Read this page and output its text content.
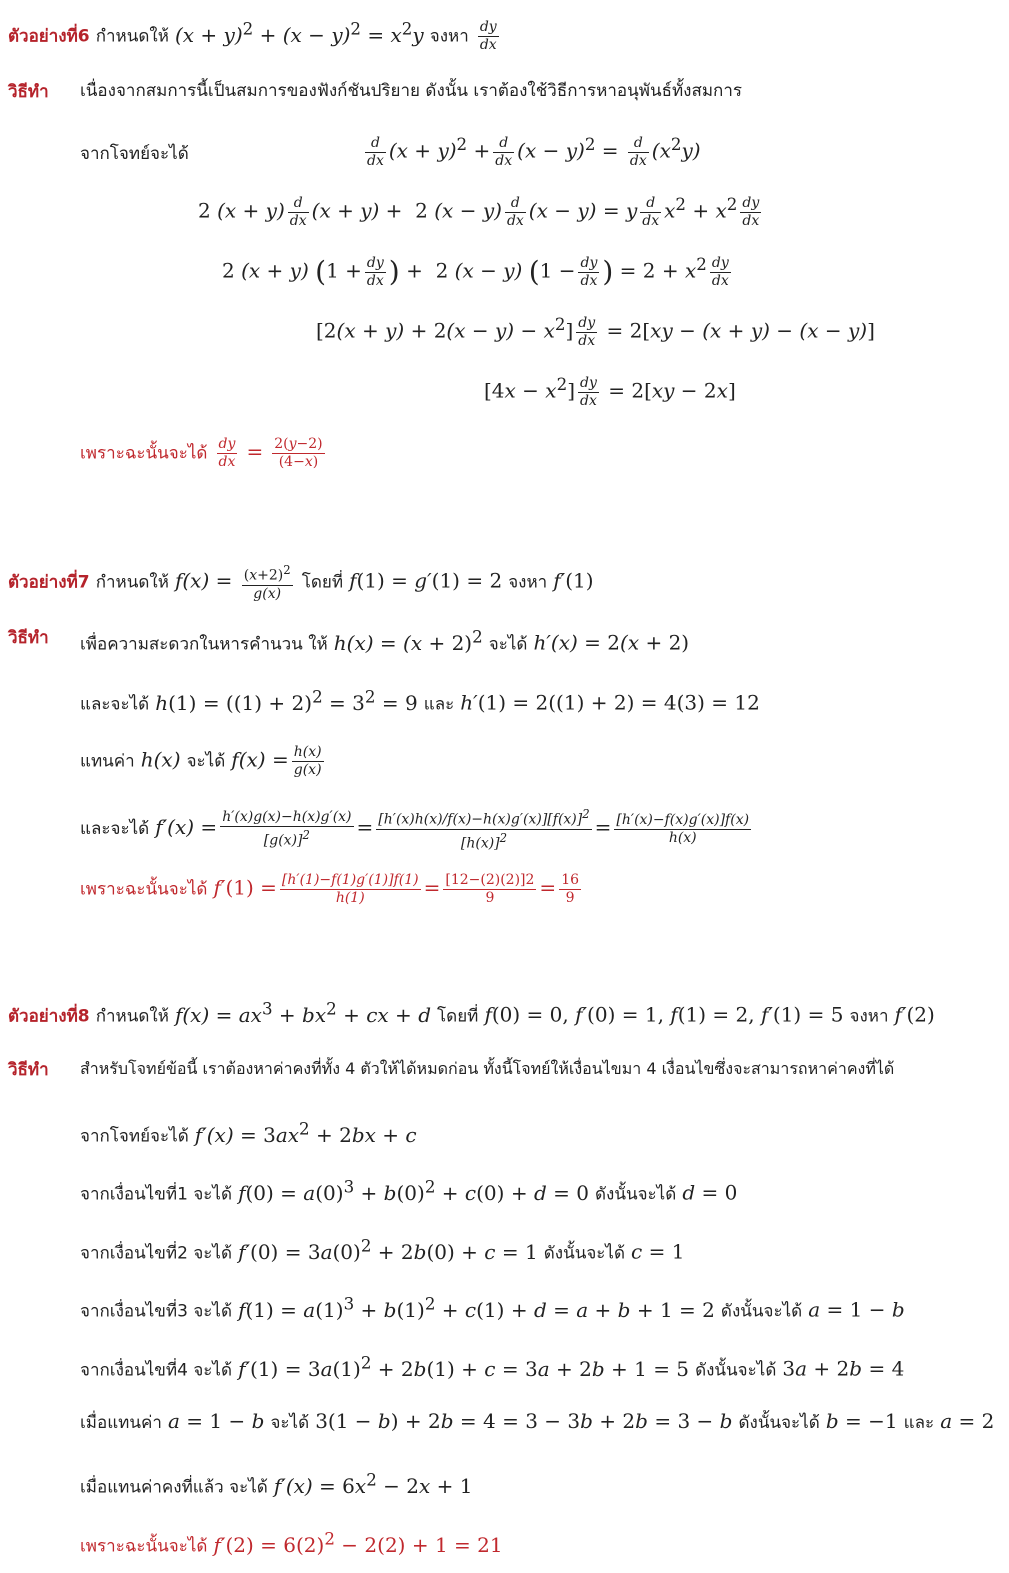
ตัวอย่างที่6 กำหนดให้ $(x + y)^2 + (x - y)^2 = x^2y$ จงหา $\frac{dy}{dx}$
วิธีทำ เนื่องจากสมการนี้เป็นสมการของฟังก์ชันปริยาย ดังนั้น เราต้องใช้วิธีการหาอนุพันธ์ทั้งสมการ
จากโจทย์จะได้	$\frac{d}{dx} (x + y)^2 + \frac{d}{dx} (x - y)^2 = \frac{d}{dx} (x^2y)$
2 $(x + y) \frac{d}{dx} (x + y) + 2$ $(x - y) \frac{d}{dx} (x - y) = y \frac{d}{dx} x^2 + x^2 \frac{dy}{dx}$
2 (x + y) ($1 + \frac{dy}{dx}$ ) +  2 (x − y) ($1 - \frac{dy}{dx}$ ) = $2 + x^2 \frac{dy}{dx}$
$[2(x + y) + 2(x - y) - x^2] \frac{dy}{dx} = 2[xy - (x + y) - (x - y)]$
$[4x - x^2] \frac{dy}{dx} = 2[xy - 2x]$
เพราะฉะนั้นจะได้ $\frac{dy}{dx} = \frac{2(y-2)}{(4-x)}$
ตัวอย่างที่7 กำหนดให้ $f(x) = \frac{(x+2)^2}{g(x)}$ โดยที่ f(1) = g′(1) = 2 จงหา f′(1)
วิธีทำ เพื่อความสะดวกในหารคำนวน ให้ $h(x) = (x + 2)^2$ จะได้ h′(x) = 2(x + 2)
และจะได้ $h(1) = ((1) + 2)^2 = 3^2 = 9$ และ h′(1) = 2((1) + 2) = 4(3) = 12
แทนค่า h(x) จะได้ $f(x) = \frac{h(x)}{g(x)}$
และจะได้ $f'(x) = \frac{h'(x)g(x)-h(x)g'(x)}{[g(x)]^2} = \frac{[h'(x)h(x)/f(x)-h(x)g'(x)][f(x)]^2}{[h(x)]^2} = \frac{[h'(x)-f(x)g'(x)]f(x)}{h(x)}$
เพราะฉะนั้นจะได้ $f'(1) = \frac{[h'(1)-f(1)g'(1)]f(1)}{h(1)} = \frac{[12-(2)(2)]2}{9} = \frac{16}{9}$
ตัวอย่างที่8 กำหนดให้ $f(x) = ax^3 + bx^2$ + cx + d โดยที่ f(0) = 0, f′(0) = 1, f(1) = 2, f′(1) = 5 จงหา f′(2)
วิธีทำ สำหรับโจทย์ข้อนี้ เราต้องหาค่าคงที่ทั้ง 4 ตัวให้ได้หมดก่อน ทั้งนี้โจทย์ให้เงื่อนไขมา 4 เงื่อนไขซึ่งจะสามารถหาค่าคงที่ได้
จากโจทย์จะได้ $f'(x) = 3ax^2 + 2bx + c$
จากเงื่อนไขที่1 จะได้ $f(0) = a(0)^3 + b(0)^2 + c(0) + d = 0$ ดังนั้นจะได้ d = 0
จากเงื่อนไขที่2 จะได้ $f'(0) = 3a(0)^2 + 2b(0) + c = 1$ ดังนั้นจะได้ c = 1
จากเงื่อนไขที่3 จะได้ $f(1) = a(1)^3 + b(1)^2 + c(1) + d = a + b + 1 = 2$ ดังนั้นจะได้ a = 1 − b
จากเงื่อนไขที่4 จะได้ $f'(1) = 3a(1)^2 + 2b(1) + c = 3a + 2b + 1 = 5$ ดังนั้นจะได้ 3a + 2b = 4
เมื่อแทนค่า a = 1 − b จะได้ 3(1 − b) + 2b = 4 = 3 − 3b + 2b = 3 − b ดังนั้นจะได้ b = −1 และ a = 2
เมื่อแทนค่าคงที่แล้ว จะได้ $f'(x) = 6x^2 - 2x + 1$
เพราะฉะนั้นจะได้ $f'(2) = 6(2)^2 - 2(2) + 1 = 21$
